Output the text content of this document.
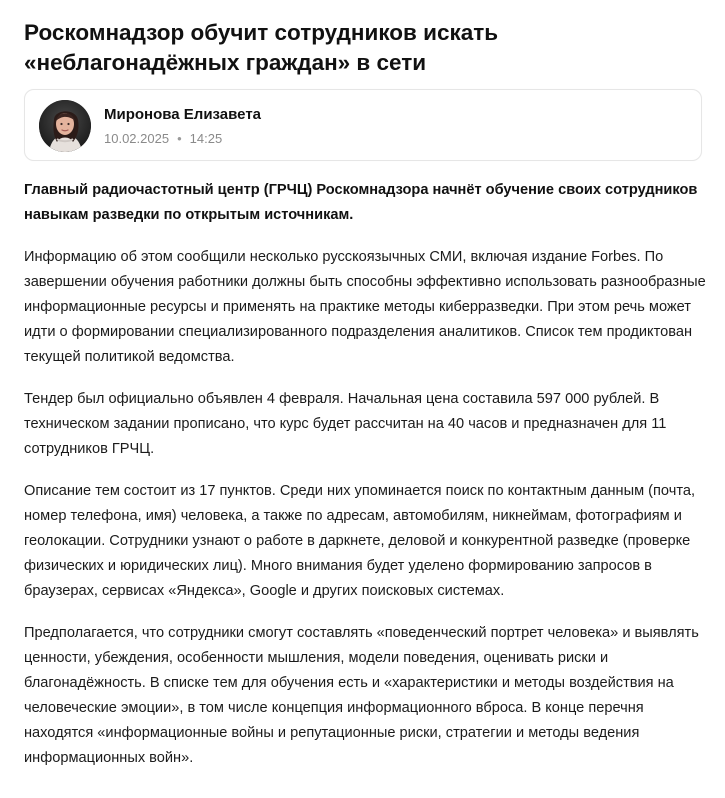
Роскомнадзор обучит сотрудников искать «неблагонадёжных граждан» в сети
Миронова Елизавета
10.02.2025 • 14:25

Главный радиочастотный центр (ГРЧЦ) Роскомнадзора начнёт обучение своих сотрудников навыкам разведки по открытым источникам.

Информацию об этом сообщили несколько русскоязычных СМИ, включая издание Forbes. По завершении обучения работники должны быть способны эффективно использовать разнообразные информационные ресурсы и применять на практике методы киберразведки. При этом речь может идти о формировании специализированного подразделения аналитиков. Список тем продиктован текущей политикой ведомства.

Тендер был официально объявлен 4 февраля. Начальная цена составила 597 000 рублей. В техническом задании прописано, что курс будет рассчитан на 40 часов и предназначен для 11 сотрудников ГРЧЦ.

Описание тем состоит из 17 пунктов. Среди них упоминается поиск по контактным данным (почта, номер телефона, имя) человека, а также по адресам, автомобилям, никнеймам, фотографиям и геолокации. Сотрудники узнают о работе в даркнете, деловой и конкурентной разведке (проверке физических и юридических лиц). Много внимания будет уделено формированию запросов в браузерах, сервисах «Яндекса», Google и других поисковых системах.

Предполагается, что сотрудники смогут составлять «поведенческий портрет человека» и выявлять ценности, убеждения, особенности мышления, модели поведения, оценивать риски и благонадёжность. В списке тем для обучения есть и «характеристики и методы воздействия на человеческие эмоции», в том числе концепция информационного вброса. В конце перечня находятся «информационные войны и репутационные риски, стратегии и методы ведения информационных войн».
